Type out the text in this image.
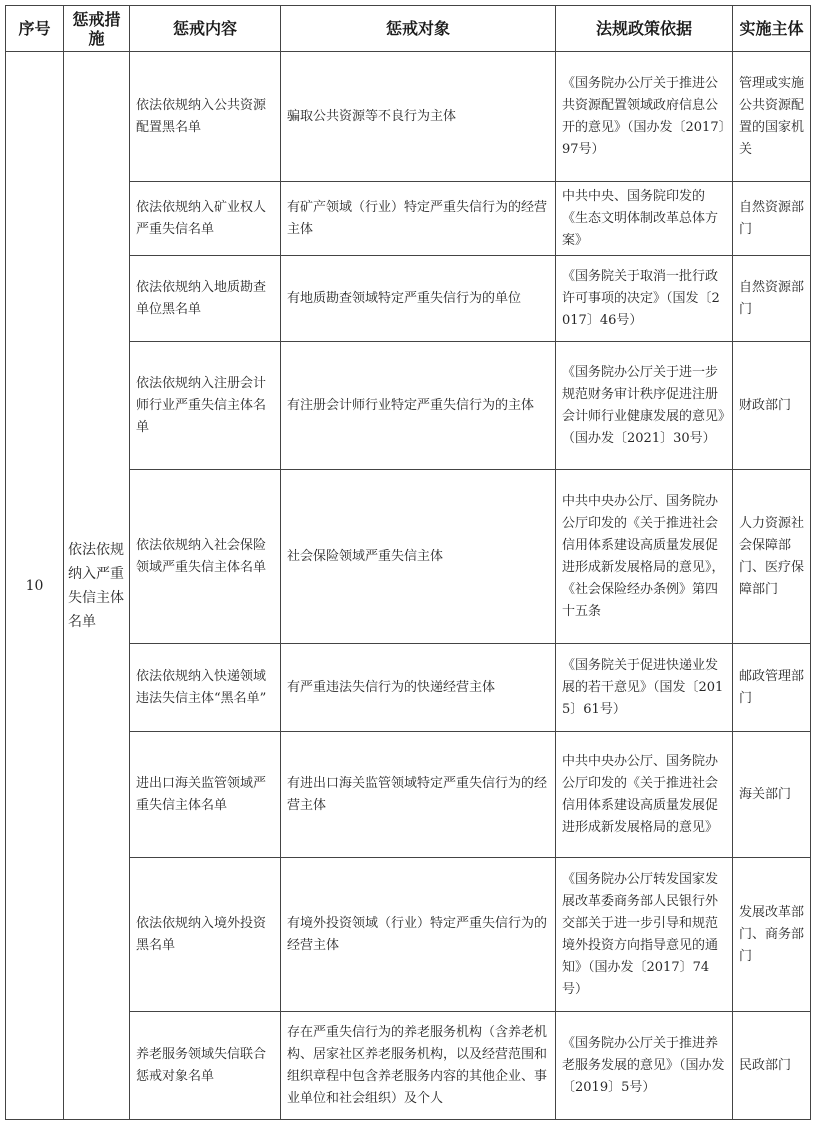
序号	惩戒措施	惩戒内容	惩戒对象	法规政策依据	实施主体
10	依法依规纳入严重失信主体名单	依法依规纳入公共资源配置黑名单	骗取公共资源等不良行为主体	《国务院办公厅关于推进公共资源配置领域政府信息公开的意见》（国办发〔2017〕97号）	管理或实施公共资源配置的国家机关
		依法依规纳入矿业权人严重失信名单	有矿产领域（行业）特定严重失信行为的经营主体	中共中央、国务院印发的《生态文明体制改革总体方案》	自然资源部门
		依法依规纳入地质勘查单位黑名单	有地质勘查领域特定严重失信行为的单位	《国务院关于取消一批行政许可事项的决定》（国发〔2017〕46号）	自然资源部门
		依法依规纳入注册会计师行业严重失信主体名单	有注册会计师行业特定严重失信行为的主体	《国务院办公厅关于进一步规范财务审计秩序促进注册会计师行业健康发展的意见》（国办发〔2021〕30号）	财政部门
		依法依规纳入社会保险领域严重失信主体名单	社会保险领域严重失信主体	中共中央办公厅、国务院办公厅印发的《关于推进社会信用体系建设高质量发展促进形成新发展格局的意见》，《社会保险经办条例》第四十五条	人力资源社会保障部门、医疗保障部门
		依法依规纳入快递领域违法失信主体“黑名单”	有严重违法失信行为的快递经营主体	《国务院关于促进快递业发展的若干意见》（国发〔2015〕61号）	邮政管理部门
		进出口海关监管领域严重失信主体名单	有进出口海关监管领域特定严重失信行为的经营主体	中共中央办公厅、国务院办公厅印发的《关于推进社会信用体系建设高质量发展促进形成新发展格局的意见》	海关部门
		依法依规纳入境外投资黑名单	有境外投资领域（行业）特定严重失信行为的经营主体	《国务院办公厅转发国家发展改革委商务部人民银行外交部关于进一步引导和规范境外投资方向指导意见的通知》（国办发〔2017〕74号）	发展改革部门、商务部门
		养老服务领域失信联合惩戒对象名单	存在严重失信行为的养老服务机构（含养老机构、居家社区养老服务机构，以及经营范围和组织章程中包含养老服务内容的其他企业、事业单位和社会组织）及个人	《国务院办公厅关于推进养老服务发展的意见》（国办发〔2019〕5号）	民政部门
